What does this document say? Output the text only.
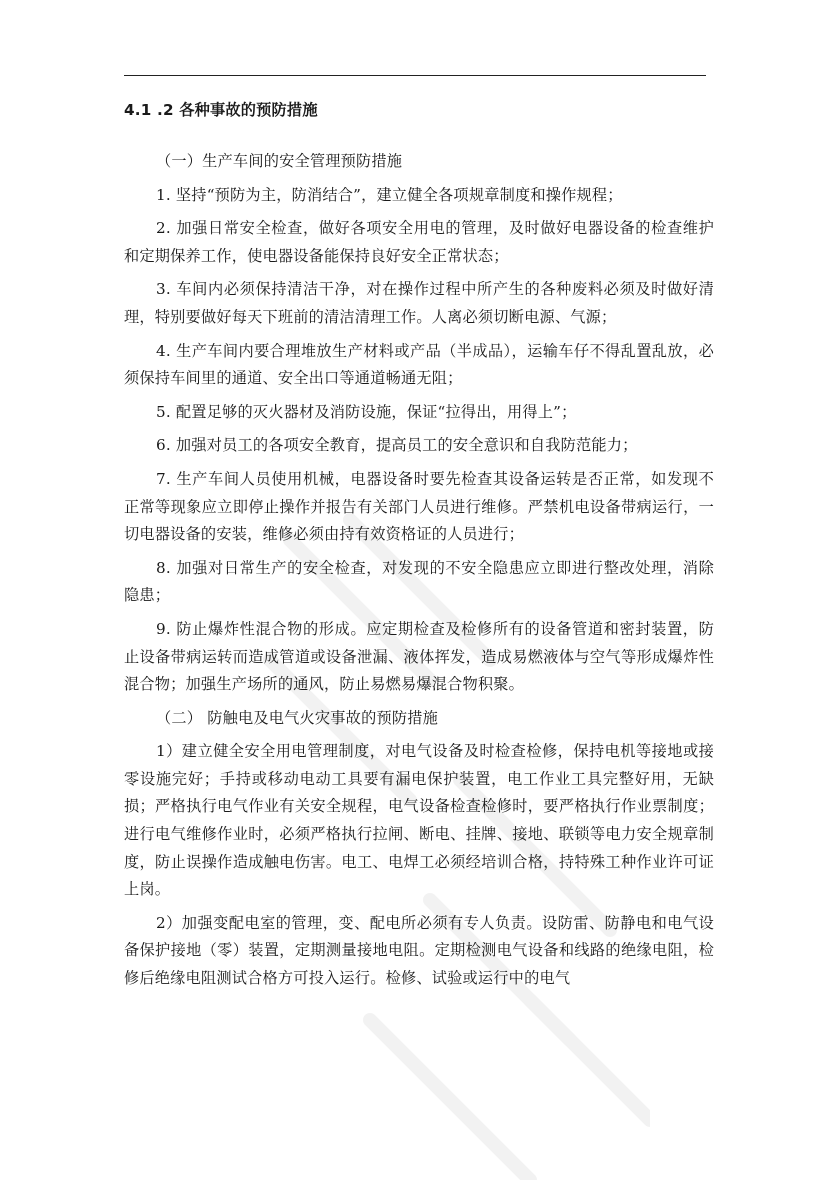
4.1 .2 各种事故的预防措施

（一）生产车间的安全管理预防措施

1. 坚持“预防为主，防消结合”，建立健全各项规章制度和操作规程；

2. 加强日常安全检查，做好各项安全用电的管理，及时做好电器设备的检查维护和定期保养工作，使电器设备能保持良好安全正常状态；

3. 车间内必须保持清洁干净，对在操作过程中所产生的各种废料必须及时做好清理，特别要做好每天下班前的清洁清理工作。人离必须切断电源、气源；

4. 生产车间内要合理堆放生产材料或产品（半成品），运输车仔不得乱置乱放，必须保持车间里的通道、安全出口等通道畅通无阻；

5. 配置足够的灭火器材及消防设施，保证“拉得出，用得上”；

6. 加强对员工的各项安全教育，提高员工的安全意识和自我防范能力；

7. 生产车间人员使用机械，电器设备时要先检查其设备运转是否正常，如发现不正常等现象应立即停止操作并报告有关部门人员进行维修。严禁机电设备带病运行，一切电器设备的安装，维修必须由持有效资格证的人员进行；

8. 加强对日常生产的安全检查，对发现的不安全隐患应立即进行整改处理，消除隐患；

9. 防止爆炸性混合物的形成。应定期检查及检修所有的设备管道和密封装置，防止设备带病运转而造成管道或设备泄漏、液体挥发，造成易燃液体与空气等形成爆炸性混合物；加强生产场所的通风，防止易燃易爆混合物积聚。

（二） 防触电及电气火灾事故的预防措施

1）建立健全安全用电管理制度，对电气设备及时检查检修，保持电机等接地或接零设施完好；手持或移动电动工具要有漏电保护装置，电工作业工具完整好用，无缺损；严格执行电气作业有关安全规程，电气设备检查检修时，要严格执行作业票制度；进行电气维修作业时，必须严格执行拉闸、断电、挂牌、接地、联锁等电力安全规章制度，防止误操作造成触电伤害。电工、电焊工必须经培训合格，持特殊工种作业许可证上岗。

2）加强变配电室的管理，变、配电所必须有专人负责。设防雷、防静电和电气设备保护接地（零）装置，定期测量接地电阻。定期检测电气设备和线路的绝缘电阻，检修后绝缘电阻测试合格方可投入运行。检修、试验或运行中的电气
